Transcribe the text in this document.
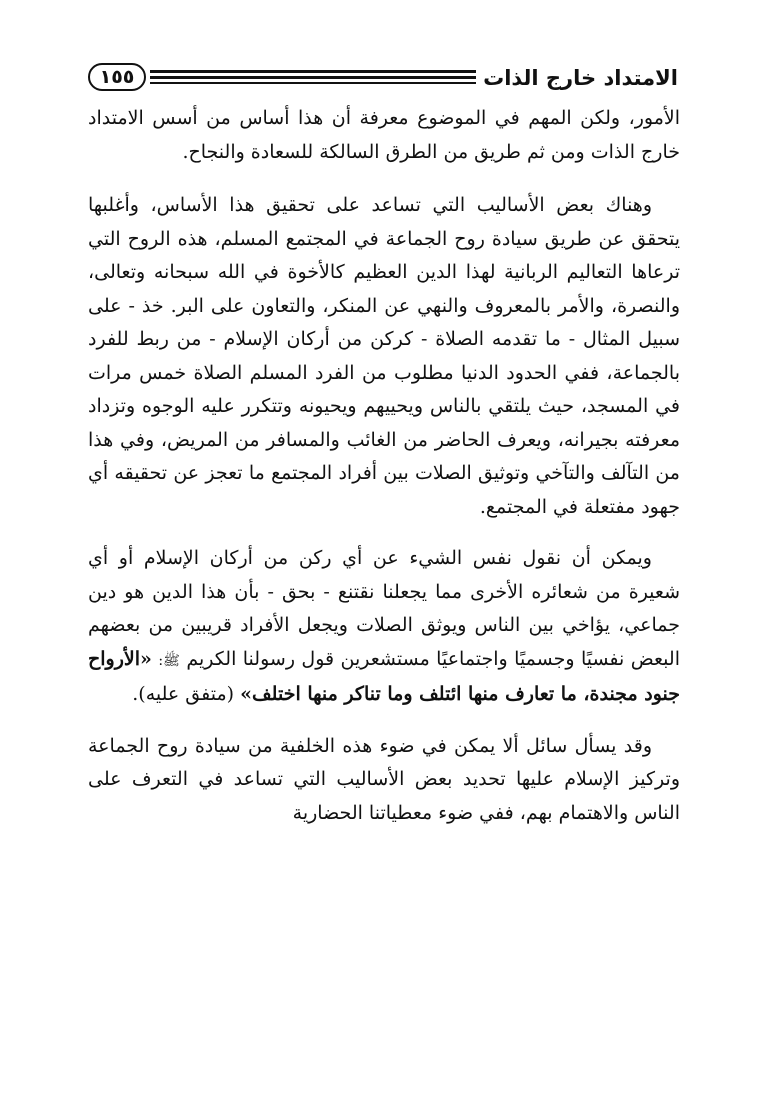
الامتداد خارج الذات
١٥٥

الأمور، ولكن المهم في الموضوع معرفة أن هذا أساس من أسس الامتداد خارج الذات ومن ثم طريق من الطرق السالكة للسعادة والنجاح.

وهناك بعض الأساليب التي تساعد على تحقيق هذا الأساس، وأغلبها يتحقق عن طريق سيادة روح الجماعة في المجتمع المسلم، هذه الروح التي ترعاها التعاليم الربانية لهذا الدين العظيم كالأخوة في الله سبحانه وتعالى، والنصرة، والأمر بالمعروف والنهي عن المنكر، والتعاون على البر. خذ - على سبيل المثال - ما تقدمه الصلاة - كركن من أركان الإسلام - من ربط للفرد بالجماعة، ففي الحدود الدنيا مطلوب من الفرد المسلم الصلاة خمس مرات في المسجد، حيث يلتقي بالناس ويحييهم ويحيونه وتتكرر عليه الوجوه وتزداد معرفته بجيرانه، ويعرف الحاضر من الغائب والمسافر من المريض، وفي هذا من التآلف والتآخي وتوثيق الصلات بين أفراد المجتمع ما تعجز عن تحقيقه أي جهود مفتعلة في المجتمع.

ويمكن أن نقول نفس الشيء عن أي ركن من أركان الإسلام أو أي شعيرة من شعائره الأخرى مما يجعلنا نقتنع - بحق - بأن هذا الدين هو دين جماعي، يؤاخي بين الناس ويوثق الصلات ويجعل الأفراد قريبين من بعضهم البعض نفسيًا وجسميًا واجتماعيًا مستشعرين قول رسولنا الكريم ﷺ: «الأرواح جنود مجندة، ما تعارف منها ائتلف وما تناكر منها اختلف» (متفق عليه).

وقد يسأل سائل ألا يمكن في ضوء هذه الخلفية من سيادة روح الجماعة وتركيز الإسلام عليها تحديد بعض الأساليب التي تساعد في التعرف على الناس والاهتمام بهم، ففي ضوء معطياتنا الحضارية
